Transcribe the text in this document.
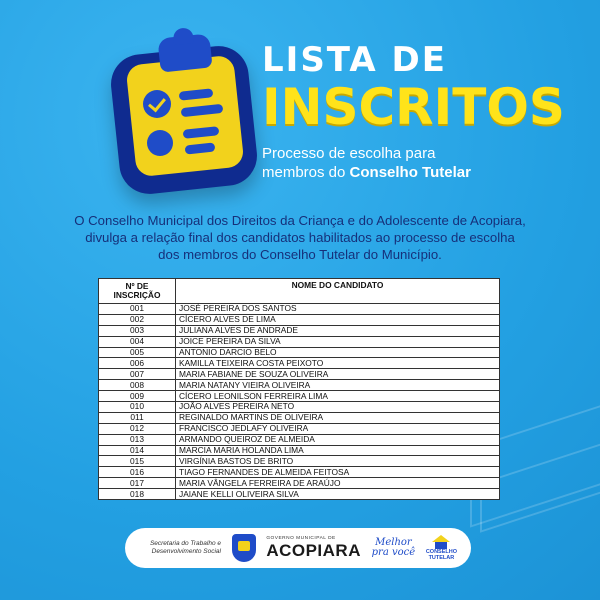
LISTA DE
INSCRITOS
Processo de escolha para membros do Conselho Tutelar
O Conselho Municipal dos Direitos da Criança e do Adolescente de Acopiara,
divulga a relação final dos candidatos habilitados ao processo de escolha
dos membros do Conselho Tutelar do Município.
Nº DE
INSCRIÇÃO	NOME DO CANDIDATO
001	JOSÉ PEREIRA DOS SANTOS
002	CÍCERO ALVES DE LIMA
003	JULIANA ALVES DE ANDRADE
004	JOICE PEREIRA DA SILVA
005	ANTONIO DARCIO BELO
006	KAMILLA TEIXEIRA COSTA PEIXOTO
007	MARIA FABIANE DE SOUZA OLIVEIRA
008	MARIA NATANY VIEIRA OLIVEIRA
009	CÍCERO LEONILSON FERREIRA LIMA
010	JOÃO ALVES PEREIRA NETO
011	REGINALDO MARTINS DE OLIVEIRA
012	FRANCISCO JEDLAFY OLIVEIRA
013	ARMANDO QUEIROZ DE ALMEIDA
014	MARCIA MARIA HOLANDA LIMA
015	VIRGÍNIA BASTOS DE BRITO
016	TIAGO FERNANDES DE ALMEIDA FEITOSA
017	MARIA VÂNGELA FERREIRA DE ARAÚJO
018	JAIANE KELLI OLIVEIRA SILVA
Secretaria do Trabalho e
Desenvolvimento Social
GOVERNO MUNICIPAL DE
ACOPIARA	Melhor
pra você CONSELHO
TUTELAR
